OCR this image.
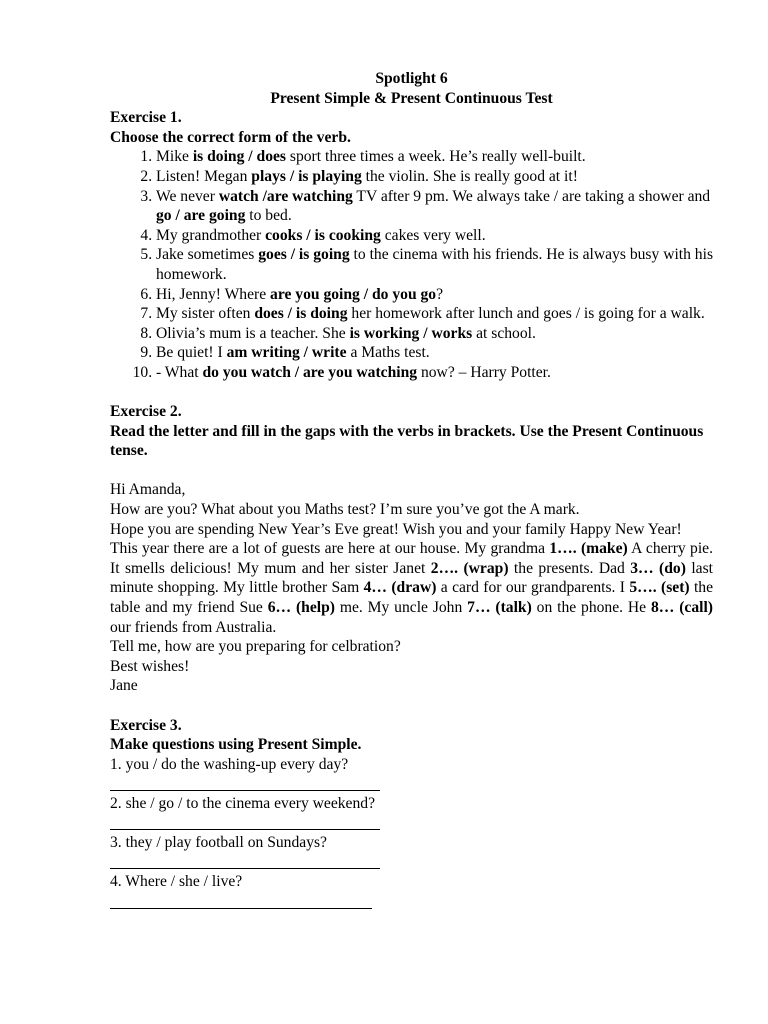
Spotlight 6
Present Simple & Present Continuous Test
Exercise 1.
Choose the correct form of the verb.
1. Mike is doing / does sport three times a week. He’s really well-built.
2. Listen! Megan plays / is playing the violin. She is really good at it!
3. We never watch /are watching TV after 9 pm. We always take / are taking a shower and go / are going to bed.
4. My grandmother cooks / is cooking cakes very well.
5. Jake sometimes goes / is going to the cinema with his friends. He is always busy with his homework.
6. Hi, Jenny! Where are you going / do you go?
7. My sister often does / is doing her homework after lunch and goes / is going for a walk.
8. Olivia’s mum is a teacher. She is working / works at school.
9. Be quiet! I am writing / write a Maths test.
10. - What do you watch / are you watching now? – Harry Potter.
Exercise 2.
Read the letter and fill in the gaps with the verbs in brackets. Use the Present Continuous tense.

Hi Amanda,

How are you? What about you Maths test? I’m sure you’ve got the A mark.

Hope you are spending New Year’s Eve great! Wish you and your family Happy New Year!

This year there are a lot of guests are here at our house. My grandma 1…. (make) A cherry pie. It smells delicious! My mum and her sister Janet 2…. (wrap) the presents. Dad 3… (do) last minute shopping. My little brother Sam 4… (draw) a card for our grandparents. I 5…. (set) the table and my friend Sue 6… (help) me. My uncle John 7… (talk) on the phone. He 8… (call) our friends from Australia.

Tell me, how are you preparing for celbration?

Best wishes!

Jane

Exercise 3.
Make questions using Present Simple.

1. you / do the washing-up every day?

2. she / go / to the cinema every weekend?

3. they / play football on Sundays?

4. Where / she / live?
